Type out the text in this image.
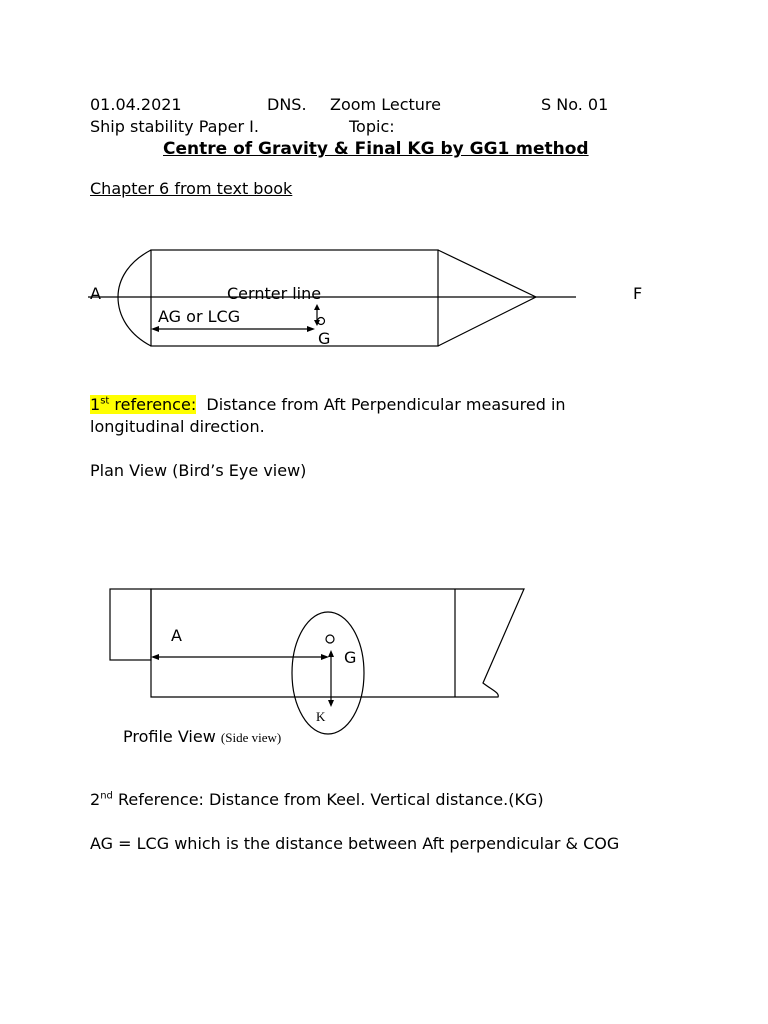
01.04.2021	DNS. Zoom Lecture	S No. 01
Ship stability Paper I.	Topic:
Centre of Gravity & Final KG by GG1 method
Chapter 6 from text book
A	Cernter line	F
AG or LCG
G
1st reference: Distance from Aft Perpendicular measured in
longitudinal direction.
Plan View (Bird’s Eye view)
A
G
K
Profile View (Side view)
2nd Reference: Distance from Keel. Vertical distance.(KG)
AG = LCG which is the distance between Aft perpendicular & COG
